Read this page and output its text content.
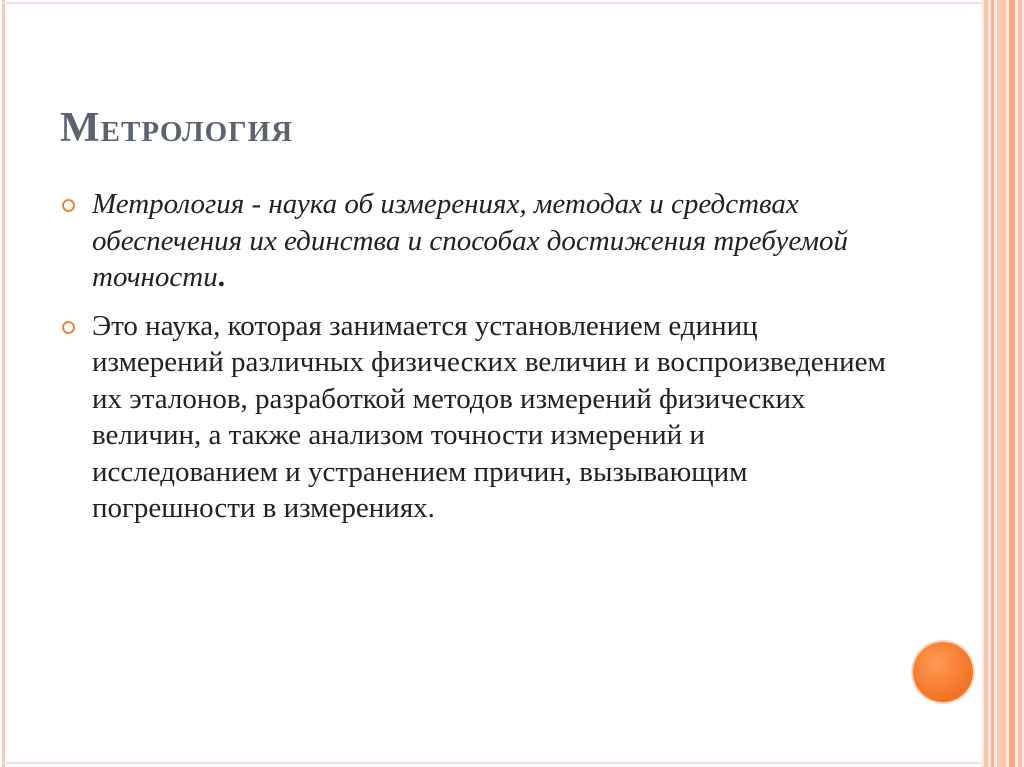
Метрология
Метрология - наука об измерениях, методах и средствах обеспечения их единства и способах достижения требуемой точности.
Это наука, которая занимается установлением единиц измерений различных физических величин и воспроизведением их эталонов, разработкой методов измерений физических величин, а также анализом точности измерений и исследованием и устранением причин, вызывающим погрешности в измерениях.
